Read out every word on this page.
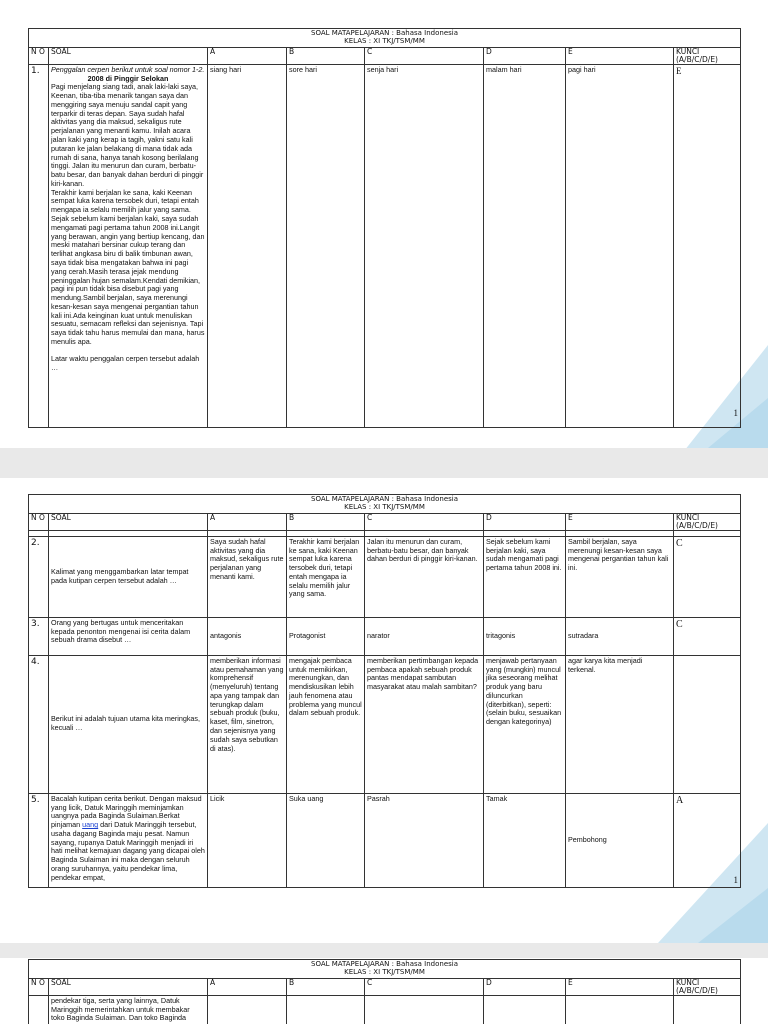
SOAL MATAPELAJARAN : Bahasa Indonesia
KELAS : XI TKJ/TSM/MM							
N O	SOAL	A	B	C	D	E	KUNCI (A/B/C/D/E)
1.	Penggalan cerpen berikut untuk soal nomor 1-2.
2008 di Pinggir Selokan
Pagi menjelang siang tadi, anak laki-laki saya, Keenan, tiba-tiba menarik tangan saya dan menggiring saya menuju sandal capit yang terparkir di teras depan. Saya sudah hafal aktivitas yang dia maksud, sekaligus rute perjalanan yang menanti kamu. Inilah acara jalan kaki yang kerap ia tagih, yakni satu kali putaran ke jalan belakang di mana tidak ada rumah di sana, hanya tanah kosong berilalang tinggi. Jalan itu menurun dan curam, berbatu-batu besar, dan banyak dahan berduri di pinggir kiri-kanan.
Terakhir kami berjalan ke sana, kaki Keenan sempat luka karena tersobek duri, tetapi entah mengapa ia selalu memilih jalur yang sama. Sejak sebelum kami berjalan kaki, saya sudah mengamati pagi pertama tahun 2008 ini.Langit yang berawan, angin yang bertiup kencang, dan meski matahari bersinar cukup terang dan terlihat angkasa biru di balik timbunan awan, saya tidak bisa mengatakan bahwa ini pagi yang cerah.Masih terasa jejak mendung peninggalan hujan semalam.Kendati demikian, pagi ini pun tidak bisa disebut pagi yang mendung.Sambil berjalan, saya merenungi kesan-kesan saya mengenai pergantian tahun kali ini.Ada keinginan kuat untuk menuliskan sesuatu, semacam refleksi dan sejenisnya. Tapi saya tidak tahu harus memulai dan mana, harus menulis apa.
Latar waktu penggalan cerpen tersebut adalah …	siang hari	sore hari	senja hari	malam hari	pagi hari	E
1
SOAL MATAPELAJARAN : Bahasa Indonesia
KELAS : XI TKJ/TSM/MM							
N O	SOAL	A	B	C	D	E	KUNCI (A/B/C/D/E)

2.	Kalimat yang menggambarkan latar tempat pada kutipan cerpen tersebut adalah …	Saya sudah hafal aktivitas yang dia maksud, sekaligus rute perjalanan yang menanti kami.	Terakhir kami berjalan ke sana, kaki Keenan sempat luka karena tersobek duri, tetapi entah mengapa ia selalu memilih jalur yang sama.	Jalan itu menurun dan curam, berbatu-batu besar, dan banyak dahan berduri di pinggir kiri-kanan.	Sejak sebelum kami berjalan kaki, saya sudah mengamati pagi pertama tahun 2008 ini.	Sambil berjalan, saya merenungi kesan-kesan saya mengenai pergantian tahun kali ini.	C
3.	Orang yang bertugas untuk menceritakan kepada penonton mengenai isi cerita dalam sebuah drama disebut …	antagonis	Protagonist	narator	tritagonis	sutradara	C
4.	Berikut ini adalah tujuan utama kita meringkas, kecuali …	memberikan informasi atau pemahaman yang komprehensif (menyeluruh) tentang apa yang tampak dan terungkap dalam sebuah produk (buku, kaset, film, sinetron, dan sejenisnya yang sudah saya sebutkan di atas).	mengajak pembaca untuk memikirkan, merenungkan, dan mendiskusikan lebih jauh fenomena atau problema yang muncul dalam sebuah produk.	memberikan pertimbangan kepada pembaca apakah sebuah produk pantas mendapat sambutan masyarakat atau malah sambitan?	menjawab pertanyaan yang (mungkin) muncul jika seseorang melihat produk yang baru diluncurkan (diterbitkan), seperti: (selain buku, sesuaikan dengan kategorinya)	agar karya kita menjadi terkenal.	
5.	Bacalah kutipan cerita berikut. Dengan maksud yang licik, Datuk Maringgih meminjamkan uangnya pada Baginda Sulaiman.Berkat pinjaman uang dari Datuk Maringgih tersebut, usaha dagang Baginda maju pesat. Namun sayang, rupanya Datuk Maringgih menjadi iri hati melihat kemajuan dagang yang dicapai oleh Baginda Sulaiman ini maka dengan seluruh orang suruhannya, yaitu pendekar lima, pendekar empat,	Licik	Suka uang	Pasrah	Tamak	Pembohong	A
1
SOAL MATAPELAJARAN : Bahasa Indonesia
KELAS : XI TKJ/TSM/MM							
N O	SOAL	A	B	C	D	E	KUNCI (A/B/C/D/E)
	pendekar tiga, serta yang lainnya, Datuk Maringgih memerintahkan untuk membakar toko Baginda Sulaiman. Dan toko Baginda						
